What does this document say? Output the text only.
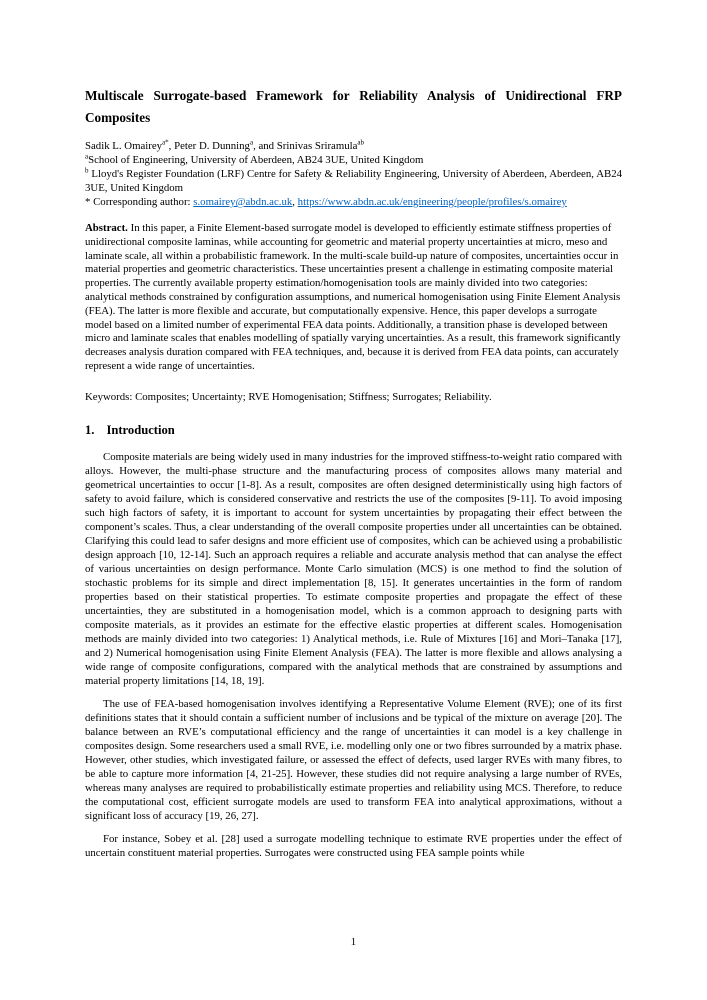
Multiscale Surrogate-based Framework for Reliability Analysis of Unidirectional FRP Composites

Sadik L. Omairey$^{a*}$, Peter D. Dunning$^a$, and Srinivas Sriramula$^{ab}$

$^a$School of Engineering, University of Aberdeen, AB24 3UE, United Kingdom

$^b$ Lloyd's Register Foundation (LRF) Centre for Safety & Reliability Engineering, University of Aberdeen, Aberdeen, AB24 3UE, United Kingdom

* Corresponding author: s.omairey@abdn.ac.uk, https://www.abdn.ac.uk/engineering/people/profiles/s.omairey

Abstract. In this paper, a Finite Element-based surrogate model is developed to efficiently estimate stiffness properties of unidirectional composite laminas, while accounting for geometric and material property uncertainties at micro, meso and laminate scale, all within a probabilistic framework. In the multi-scale build-up nature of composites, uncertainties occur in material properties and geometric characteristics. These uncertainties present a challenge in estimating composite material properties. The currently available property estimation/homogenisation tools are mainly divided into two categories: analytical methods constrained by configuration assumptions, and numerical homogenisation using Finite Element Analysis (FEA). The latter is more flexible and accurate, but computationally expensive. Hence, this paper develops a surrogate model based on a limited number of experimental FEA data points. Additionally, a transition phase is developed between micro and laminate scales that enables modelling of spatially varying uncertainties. As a result, this framework significantly decreases analysis duration compared with FEA techniques, and, because it is derived from FEA data points, can accurately represent a wide range of uncertainties.

Keywords: Composites; Uncertainty; RVE Homogenisation; Stiffness; Surrogates; Reliability.

1. Introduction

Composite materials are being widely used in many industries for the improved stiffness-to-weight ratio compared with alloys. However, the multi-phase structure and the manufacturing process of composites allows many material and geometrical uncertainties to occur [1-8]. As a result, composites are often designed deterministically using high factors of safety to avoid failure, which is considered conservative and restricts the use of the composites [9-11]. To avoid imposing such high factors of safety, it is important to account for system uncertainties by propagating their effect between the component’s scales. Thus, a clear understanding of the overall composite properties under all uncertainties can be obtained. Clarifying this could lead to safer designs and more efficient use of composites, which can be achieved using a probabilistic design approach [10, 12-14]. Such an approach requires a reliable and accurate analysis method that can analyse the effect of various uncertainties on design performance. Monte Carlo simulation (MCS) is one method to find the solution of stochastic problems for its simple and direct implementation [8, 15]. It generates uncertainties in the form of random properties based on their statistical properties. To estimate composite properties and propagate the effect of these uncertainties, they are substituted in a homogenisation model, which is a common approach to designing parts with composite materials, as it provides an estimate for the effective elastic properties at different scales. Homogenisation methods are mainly divided into two categories: 1) Analytical methods, i.e. Rule of Mixtures [16] and Mori–Tanaka [17], and 2) Numerical homogenisation using Finite Element Analysis (FEA). The latter is more flexible and allows analysing a wide range of composite configurations, compared with the analytical methods that are constrained by assumptions and material property limitations [14, 18, 19].

The use of FEA-based homogenisation involves identifying a Representative Volume Element (RVE); one of its first definitions states that it should contain a sufficient number of inclusions and be typical of the mixture on average [20]. The balance between an RVE’s computational efficiency and the range of uncertainties it can model is a key challenge in composites design. Some researchers used a small RVE, i.e. modelling only one or two fibres surrounded by a matrix phase. However, other studies, which investigated failure, or assessed the effect of defects, used larger RVEs with many fibres, to be able to capture more information [4, 21-25]. However, these studies did not require analysing a large number of RVEs, whereas many analyses are required to probabilistically estimate properties and reliability using MCS. Therefore, to reduce the computational cost, efficient surrogate models are used to transform FEA into analytical approximations, without a significant loss of accuracy [19, 26, 27].

For instance, Sobey et al. [28] used a surrogate modelling technique to estimate RVE properties under the effect of uncertain constituent material properties. Surrogates were constructed using FEA sample points while

1
